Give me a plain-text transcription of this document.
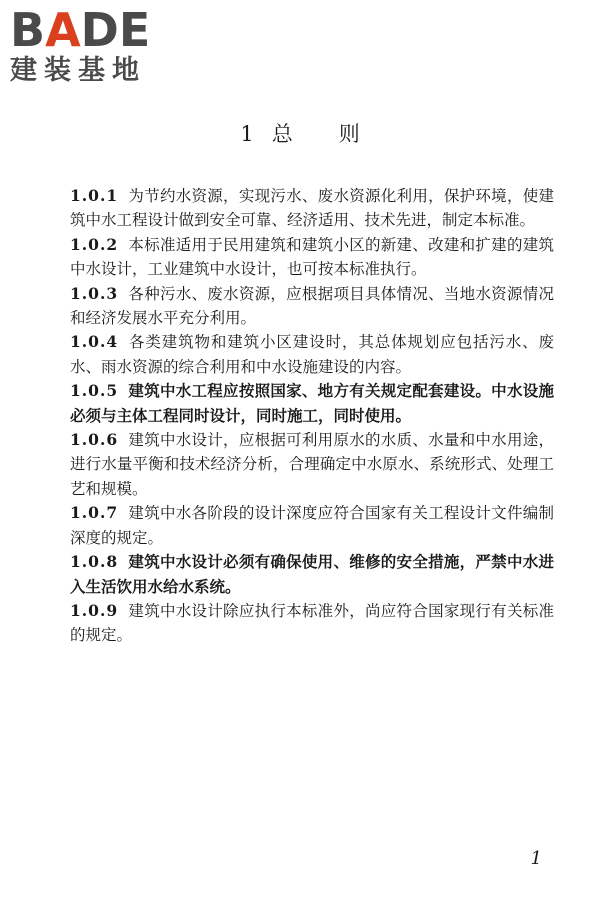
BADE
建装基地
1 总 则

1.0.1 为节约水资源，实现污水、废水资源化利用，保护环境，使建筑中水工程设计做到安全可靠、经济适用、技术先进，制定本标准。

1.0.2 本标准适用于民用建筑和建筑小区的新建、改建和扩建的建筑中水设计，工业建筑中水设计，也可按本标准执行。

1.0.3 各种污水、废水资源，应根据项目具体情况、当地水资源情况和经济发展水平充分利用。

1.0.4 各类建筑物和建筑小区建设时，其总体规划应包括污水、废水、雨水资源的综合利用和中水设施建设的内容。

1.0.5 建筑中水工程应按照国家、地方有关规定配套建设。中水设施必须与主体工程同时设计，同时施工，同时使用。

1.0.6 建筑中水设计，应根据可利用原水的水质、水量和中水用途，进行水量平衡和技术经济分析，合理确定中水原水、系统形式、处理工艺和规模。

1.0.7 建筑中水各阶段的设计深度应符合国家有关工程设计文件编制深度的规定。

1.0.8 建筑中水设计必须有确保使用、维修的安全措施，严禁中水进入生活饮用水给水系统。

1.0.9 建筑中水设计除应执行本标准外，尚应符合国家现行有关标准的规定。

1
